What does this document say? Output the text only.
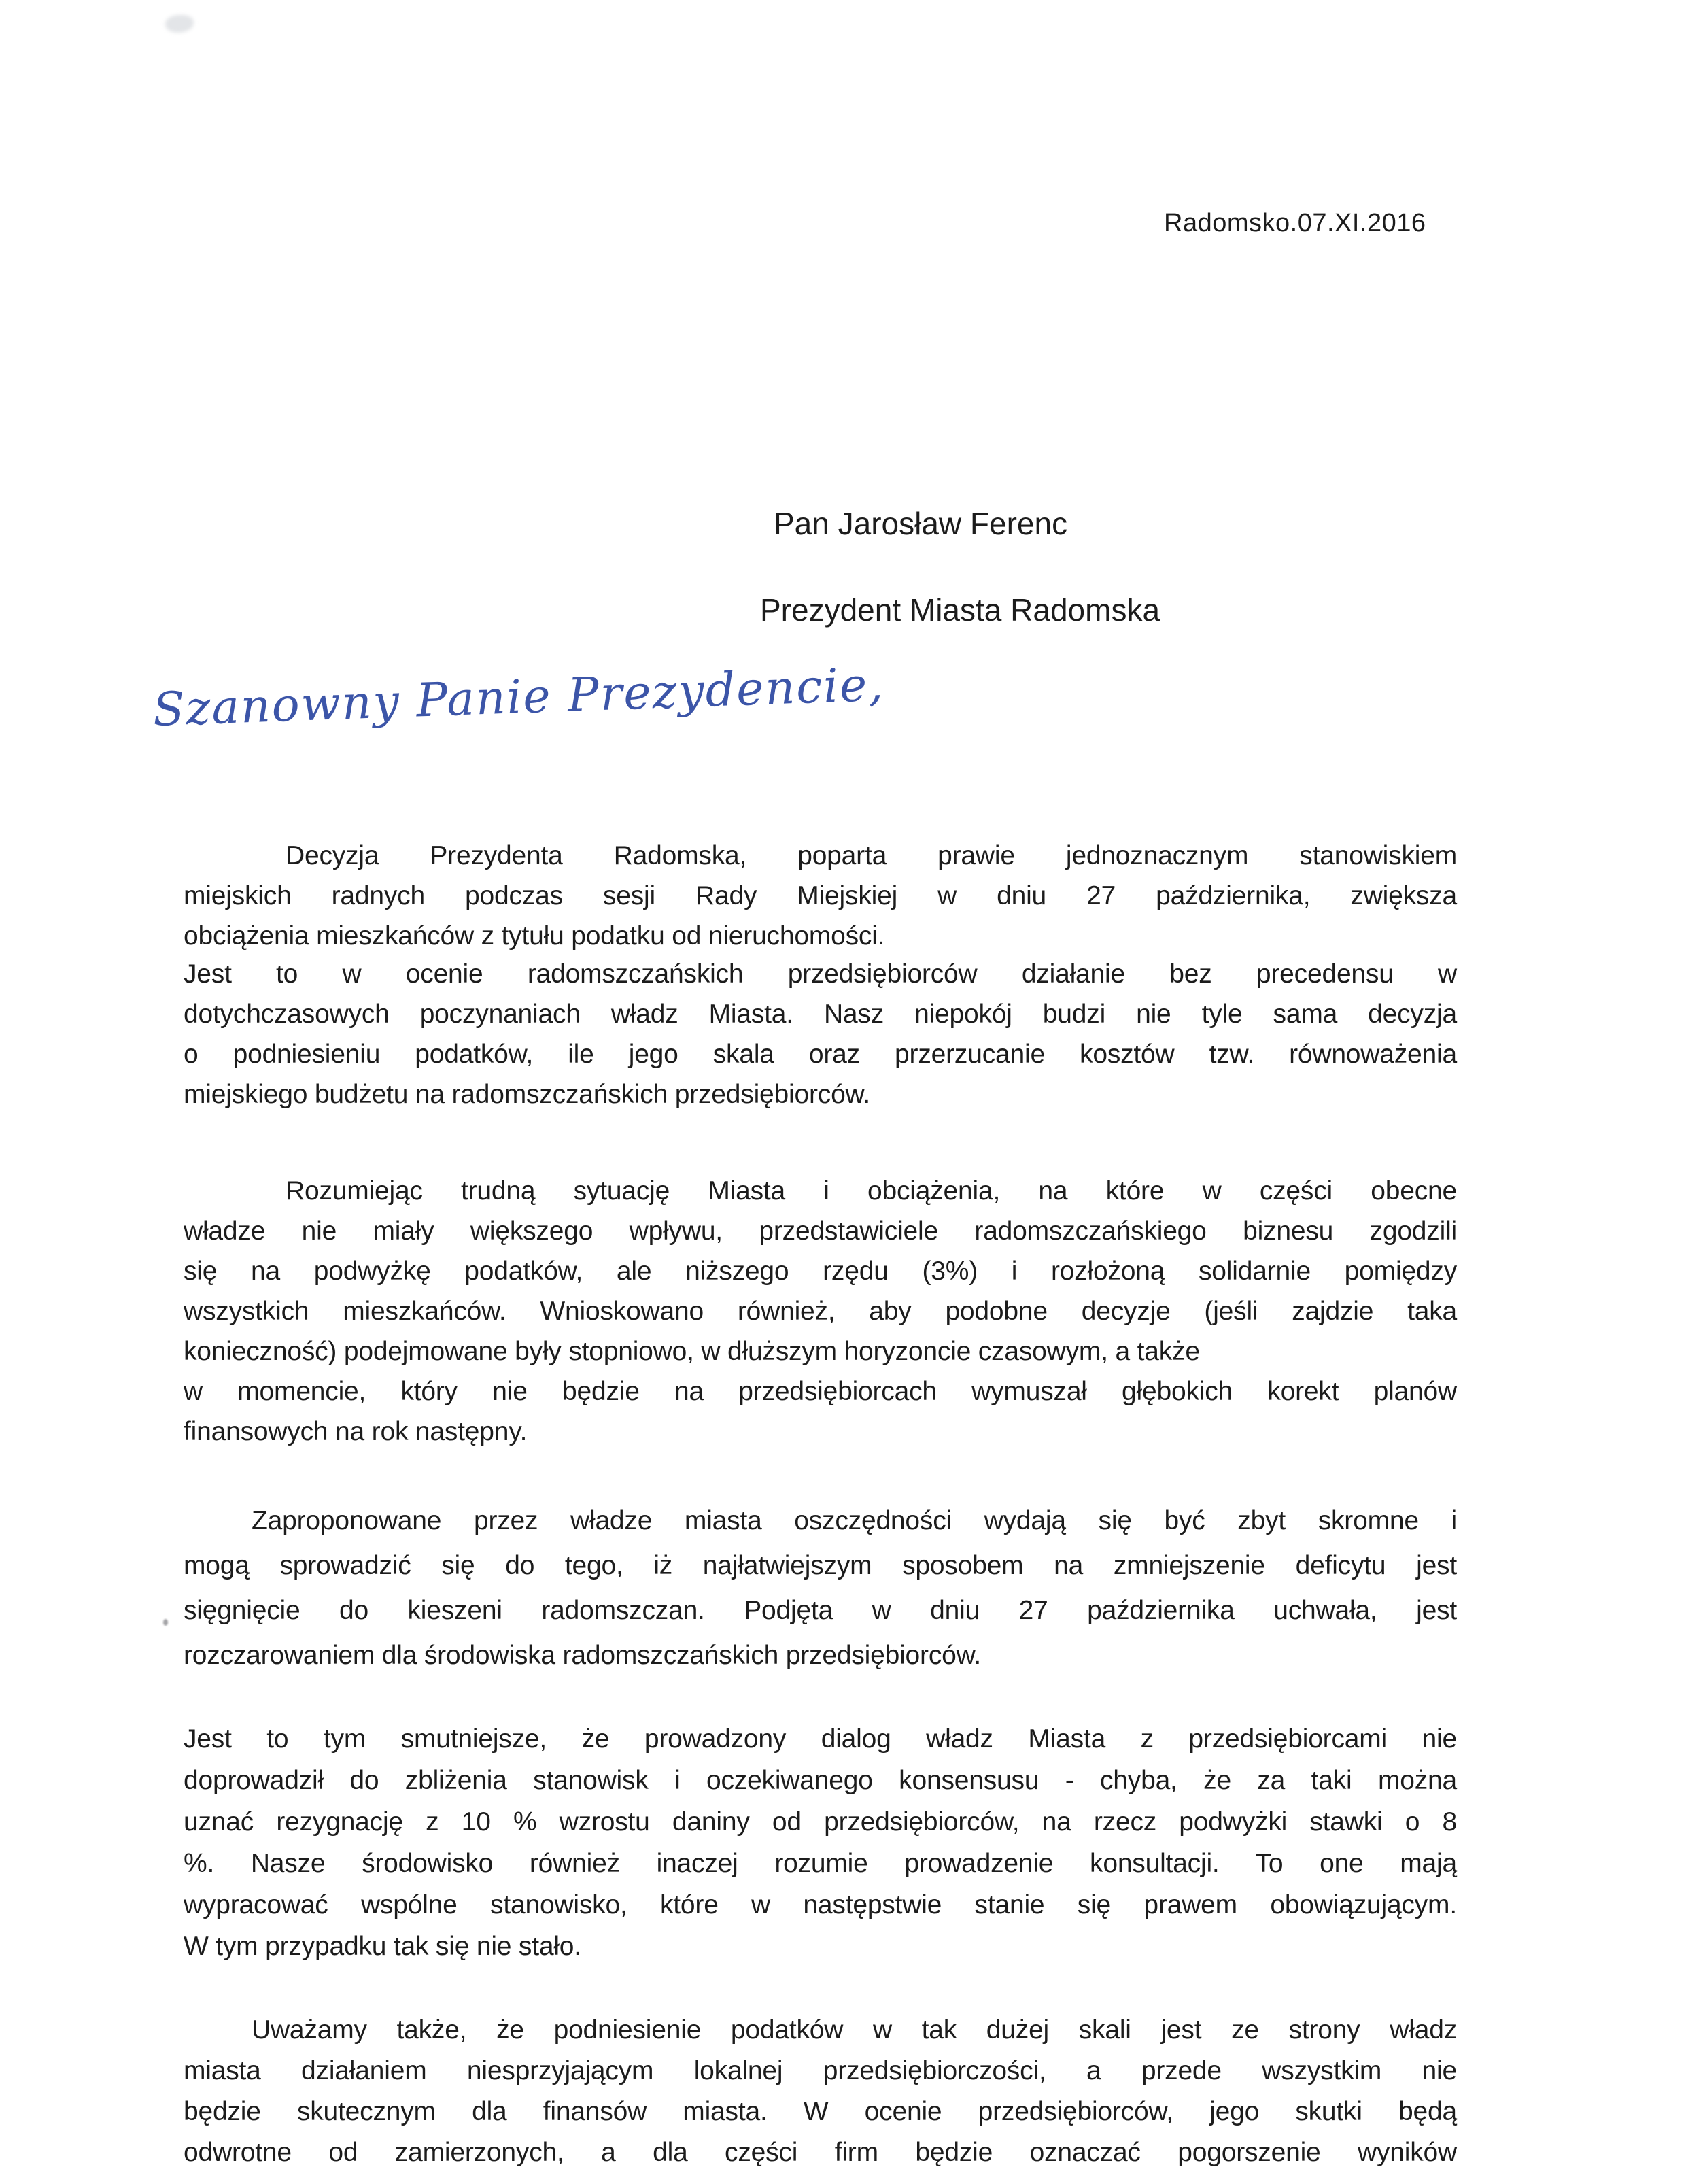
Radomsko.07.XI.2016
Pan Jarosław Ferenc
Prezydent Miasta Radomska
Szanowny Panie Prezydencie,
Decyzja Prezydenta Radomska, poparta prawie jednoznacznym stanowiskiem
miejskich radnych podczas sesji Rady Miejskiej w dniu 27 października, zwiększa
obciążenia mieszkańców z tytułu podatku od nieruchomości.
Jest to w ocenie radomszczańskich przedsiębiorców działanie bez precedensu w
dotychczasowych poczynaniach władz Miasta. Nasz niepokój budzi nie tyle sama decyzja
o podniesieniu podatków, ile jego skala oraz przerzucanie kosztów tzw. równoważenia
miejskiego budżetu na radomszczańskich przedsiębiorców.
Rozumiejąc trudną sytuację Miasta i obciążenia, na które w części obecne
władze nie miały większego wpływu, przedstawiciele radomszczańskiego biznesu zgodzili
się na podwyżkę podatków, ale niższego rzędu (3%) i rozłożoną solidarnie pomiędzy
wszystkich mieszkańców. Wnioskowano również, aby podobne decyzje (jeśli zajdzie taka
konieczność) podejmowane były stopniowo, w dłuższym horyzoncie czasowym, a także
w momencie, który nie będzie na przedsiębiorcach wymuszał głębokich korekt planów
finansowych na rok następny.
Zaproponowane przez władze miasta oszczędności wydają się być zbyt skromne i
mogą sprowadzić się do tego, iż najłatwiejszym sposobem na zmniejszenie deficytu jest
sięgnięcie do kieszeni radomszczan. Podjęta w dniu 27 października uchwała, jest
rozczarowaniem dla środowiska radomszczańskich przedsiębiorców.
Jest to tym smutniejsze, że prowadzony dialog władz Miasta z przedsiębiorcami nie
doprowadził do zbliżenia stanowisk i oczekiwanego konsensusu - chyba, że za taki można
uznać rezygnację z 10 % wzrostu daniny od przedsiębiorców, na rzecz podwyżki stawki o 8
%. Nasze środowisko również inaczej rozumie prowadzenie konsultacji. To one mają
wypracować wspólne stanowisko, które w następstwie stanie się prawem obowiązującym.
W tym przypadku tak się nie stało.
Uważamy także, że podniesienie podatków w tak dużej skali jest ze strony władz
miasta działaniem niesprzyjającym lokalnej przedsiębiorczości, a przede wszystkim nie
będzie skutecznym dla finansów miasta. W ocenie przedsiębiorców, jego skutki będą
odwrotne od zamierzonych, a dla części firm będzie oznaczać pogorszenie wyników
